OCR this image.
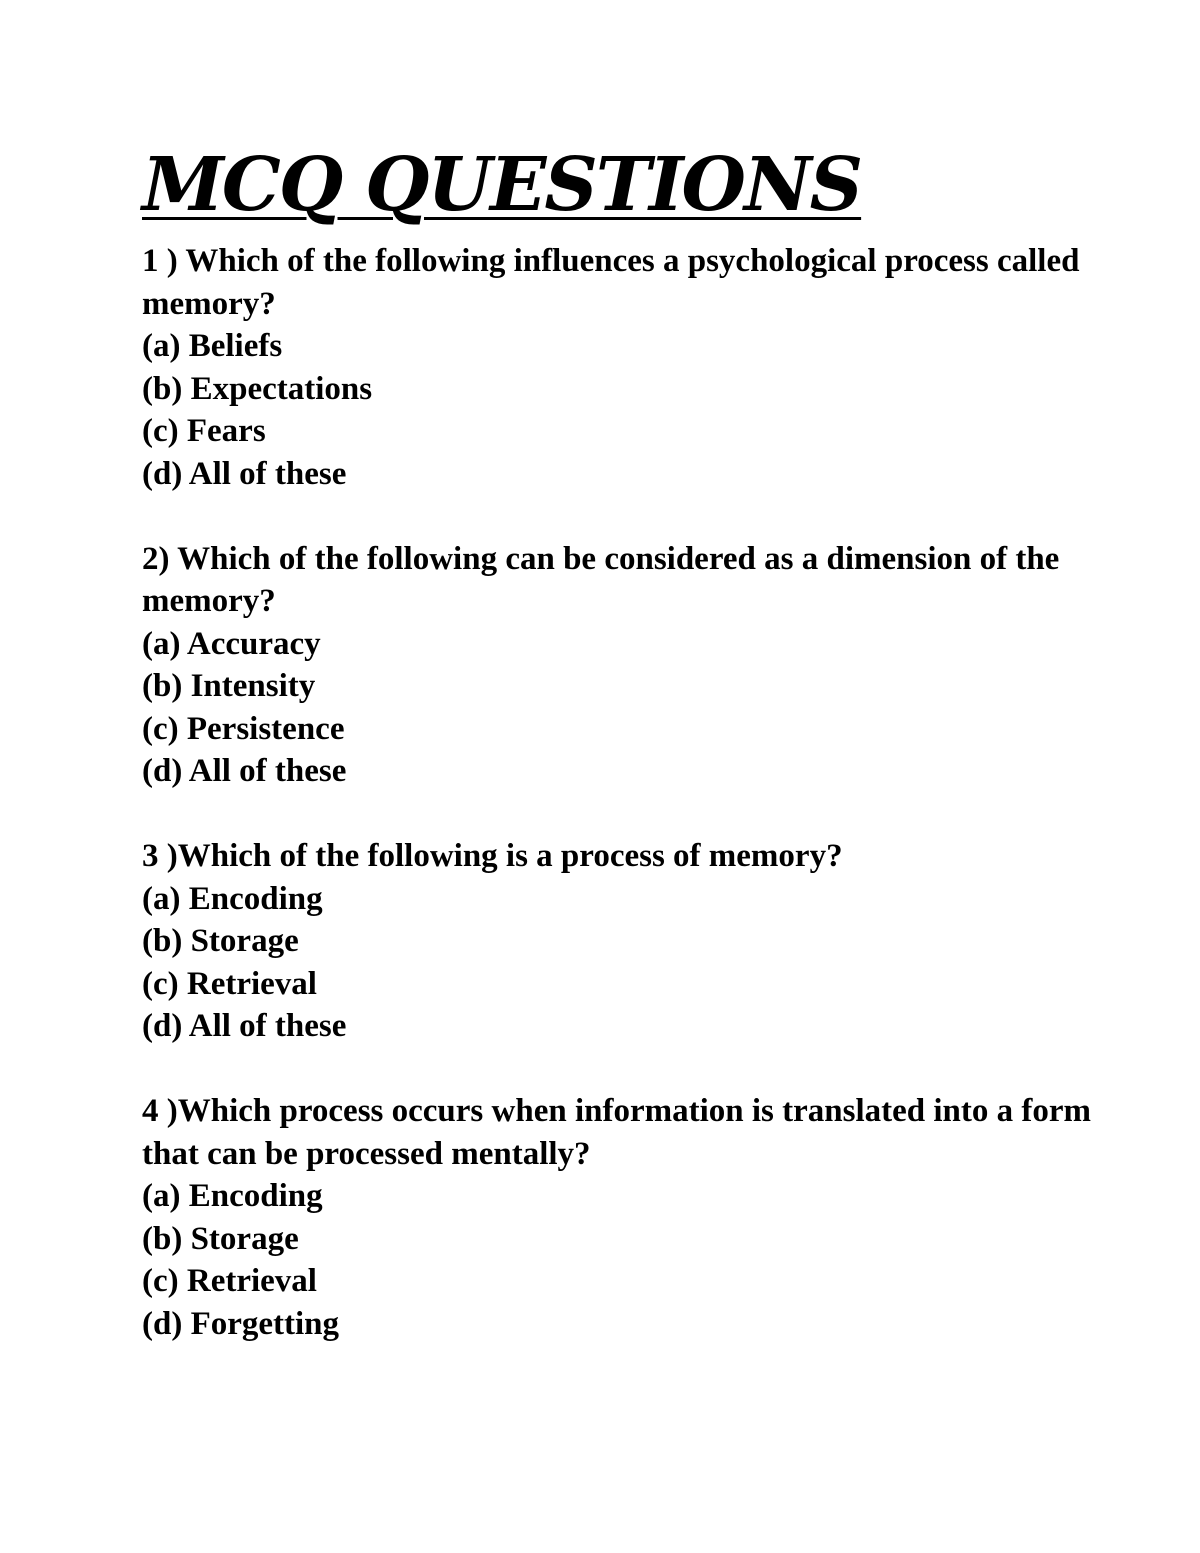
MCQ QUESTIONS
1 ) Which of the following influences a psychological process called memory?
(a) Beliefs
(b) Expectations
(c) Fears
(d) All of these
2) Which of the following can be considered as a dimension of the memory?
(a) Accuracy
(b) Intensity
(c) Persistence
(d) All of these
3 )Which of the following is a process of memory?
(a) Encoding
(b) Storage
(c) Retrieval
(d) All of these
4 )Which process occurs when information is translated into a form that can be processed mentally?
(a) Encoding
(b) Storage
(c) Retrieval
(d) Forgetting
